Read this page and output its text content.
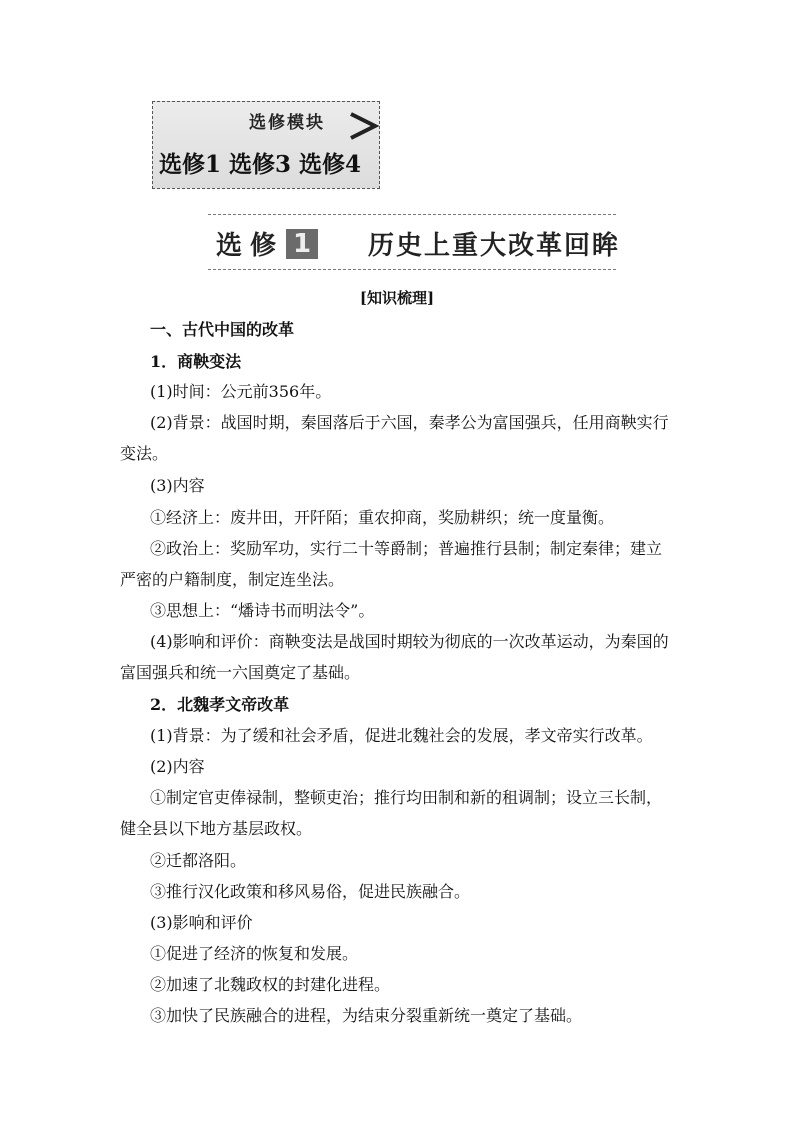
选修模块
选修1 选修3 选修4
选修 1 历史上重大改革回眸
[知识梳理]
一、古代中国的改革
1．商鞅变法
(1)时间：公元前356年。
(2)背景：战国时期，秦国落后于六国，秦孝公为富国强兵，任用商鞅实行
变法。
(3)内容
①经济上：废井田，开阡陌；重农抑商，奖励耕织；统一度量衡。
②政治上：奖励军功，实行二十等爵制；普遍推行县制；制定秦律；建立
严密的户籍制度，制定连坐法。
③思想上：“燔诗书而明法令”。
(4)影响和评价：商鞅变法是战国时期较为彻底的一次改革运动，为秦国的
富国强兵和统一六国奠定了基础。
2．北魏孝文帝改革
(1)背景：为了缓和社会矛盾，促进北魏社会的发展，孝文帝实行改革。
(2)内容
①制定官吏俸禄制，整顿吏治；推行均田制和新的租调制；设立三长制，
健全县以下地方基层政权。
②迁都洛阳。
③推行汉化政策和移风易俗，促进民族融合。
(3)影响和评价
①促进了经济的恢复和发展。
②加速了北魏政权的封建化进程。
③加快了民族融合的进程，为结束分裂重新统一奠定了基础。
